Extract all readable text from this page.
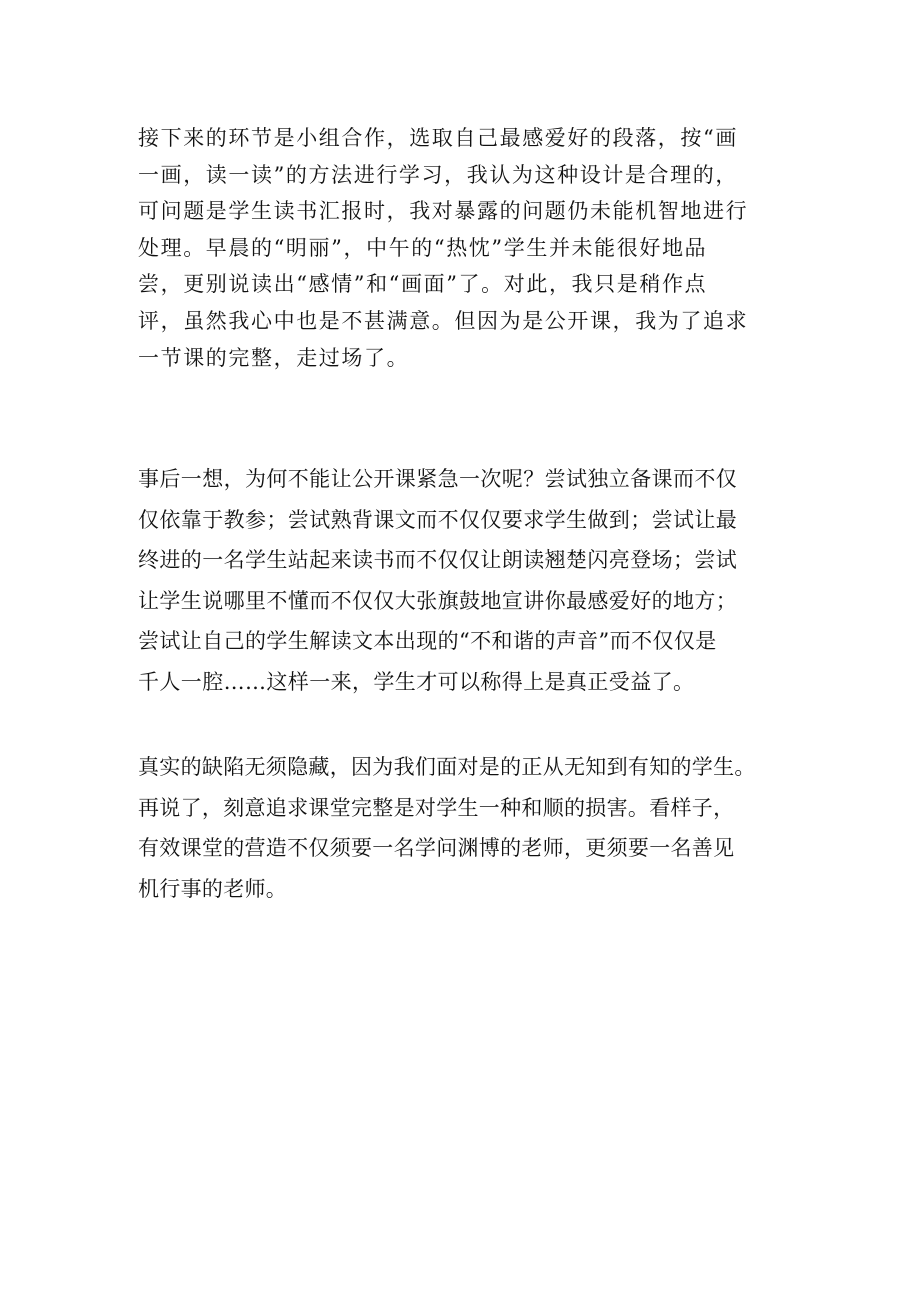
接下来的环节是小组合作，选取自己最感爱好的段落，按“画
一画，读一读”的方法进行学习，我认为这种设计是合理的，
可问题是学生读书汇报时，我对暴露的问题仍未能机智地进行
处理。早晨的“明丽”，中午的“热忱”学生并未能很好地品
尝，更别说读出“感情”和“画面”了。对此，我只是稍作点
评，虽然我心中也是不甚满意。但因为是公开课，我为了追求
一节课的完整，走过场了。
事后一想，为何不能让公开课紧急一次呢？尝试独立备课而不仅
仅依靠于教参；尝试熟背课文而不仅仅要求学生做到；尝试让最
终进的一名学生站起来读书而不仅仅让朗读翘楚闪亮登场；尝试
让学生说哪里不懂而不仅仅大张旗鼓地宣讲你最感爱好的地方；
尝试让自己的学生解读文本出现的“不和谐的声音”而不仅仅是
千人一腔……这样一来，学生才可以称得上是真正受益了。
真实的缺陷无须隐藏，因为我们面对是的正从无知到有知的学生。
再说了，刻意追求课堂完整是对学生一种和顺的损害。看样子，
有效课堂的营造不仅须要一名学问渊博的老师，更须要一名善见
机行事的老师。
